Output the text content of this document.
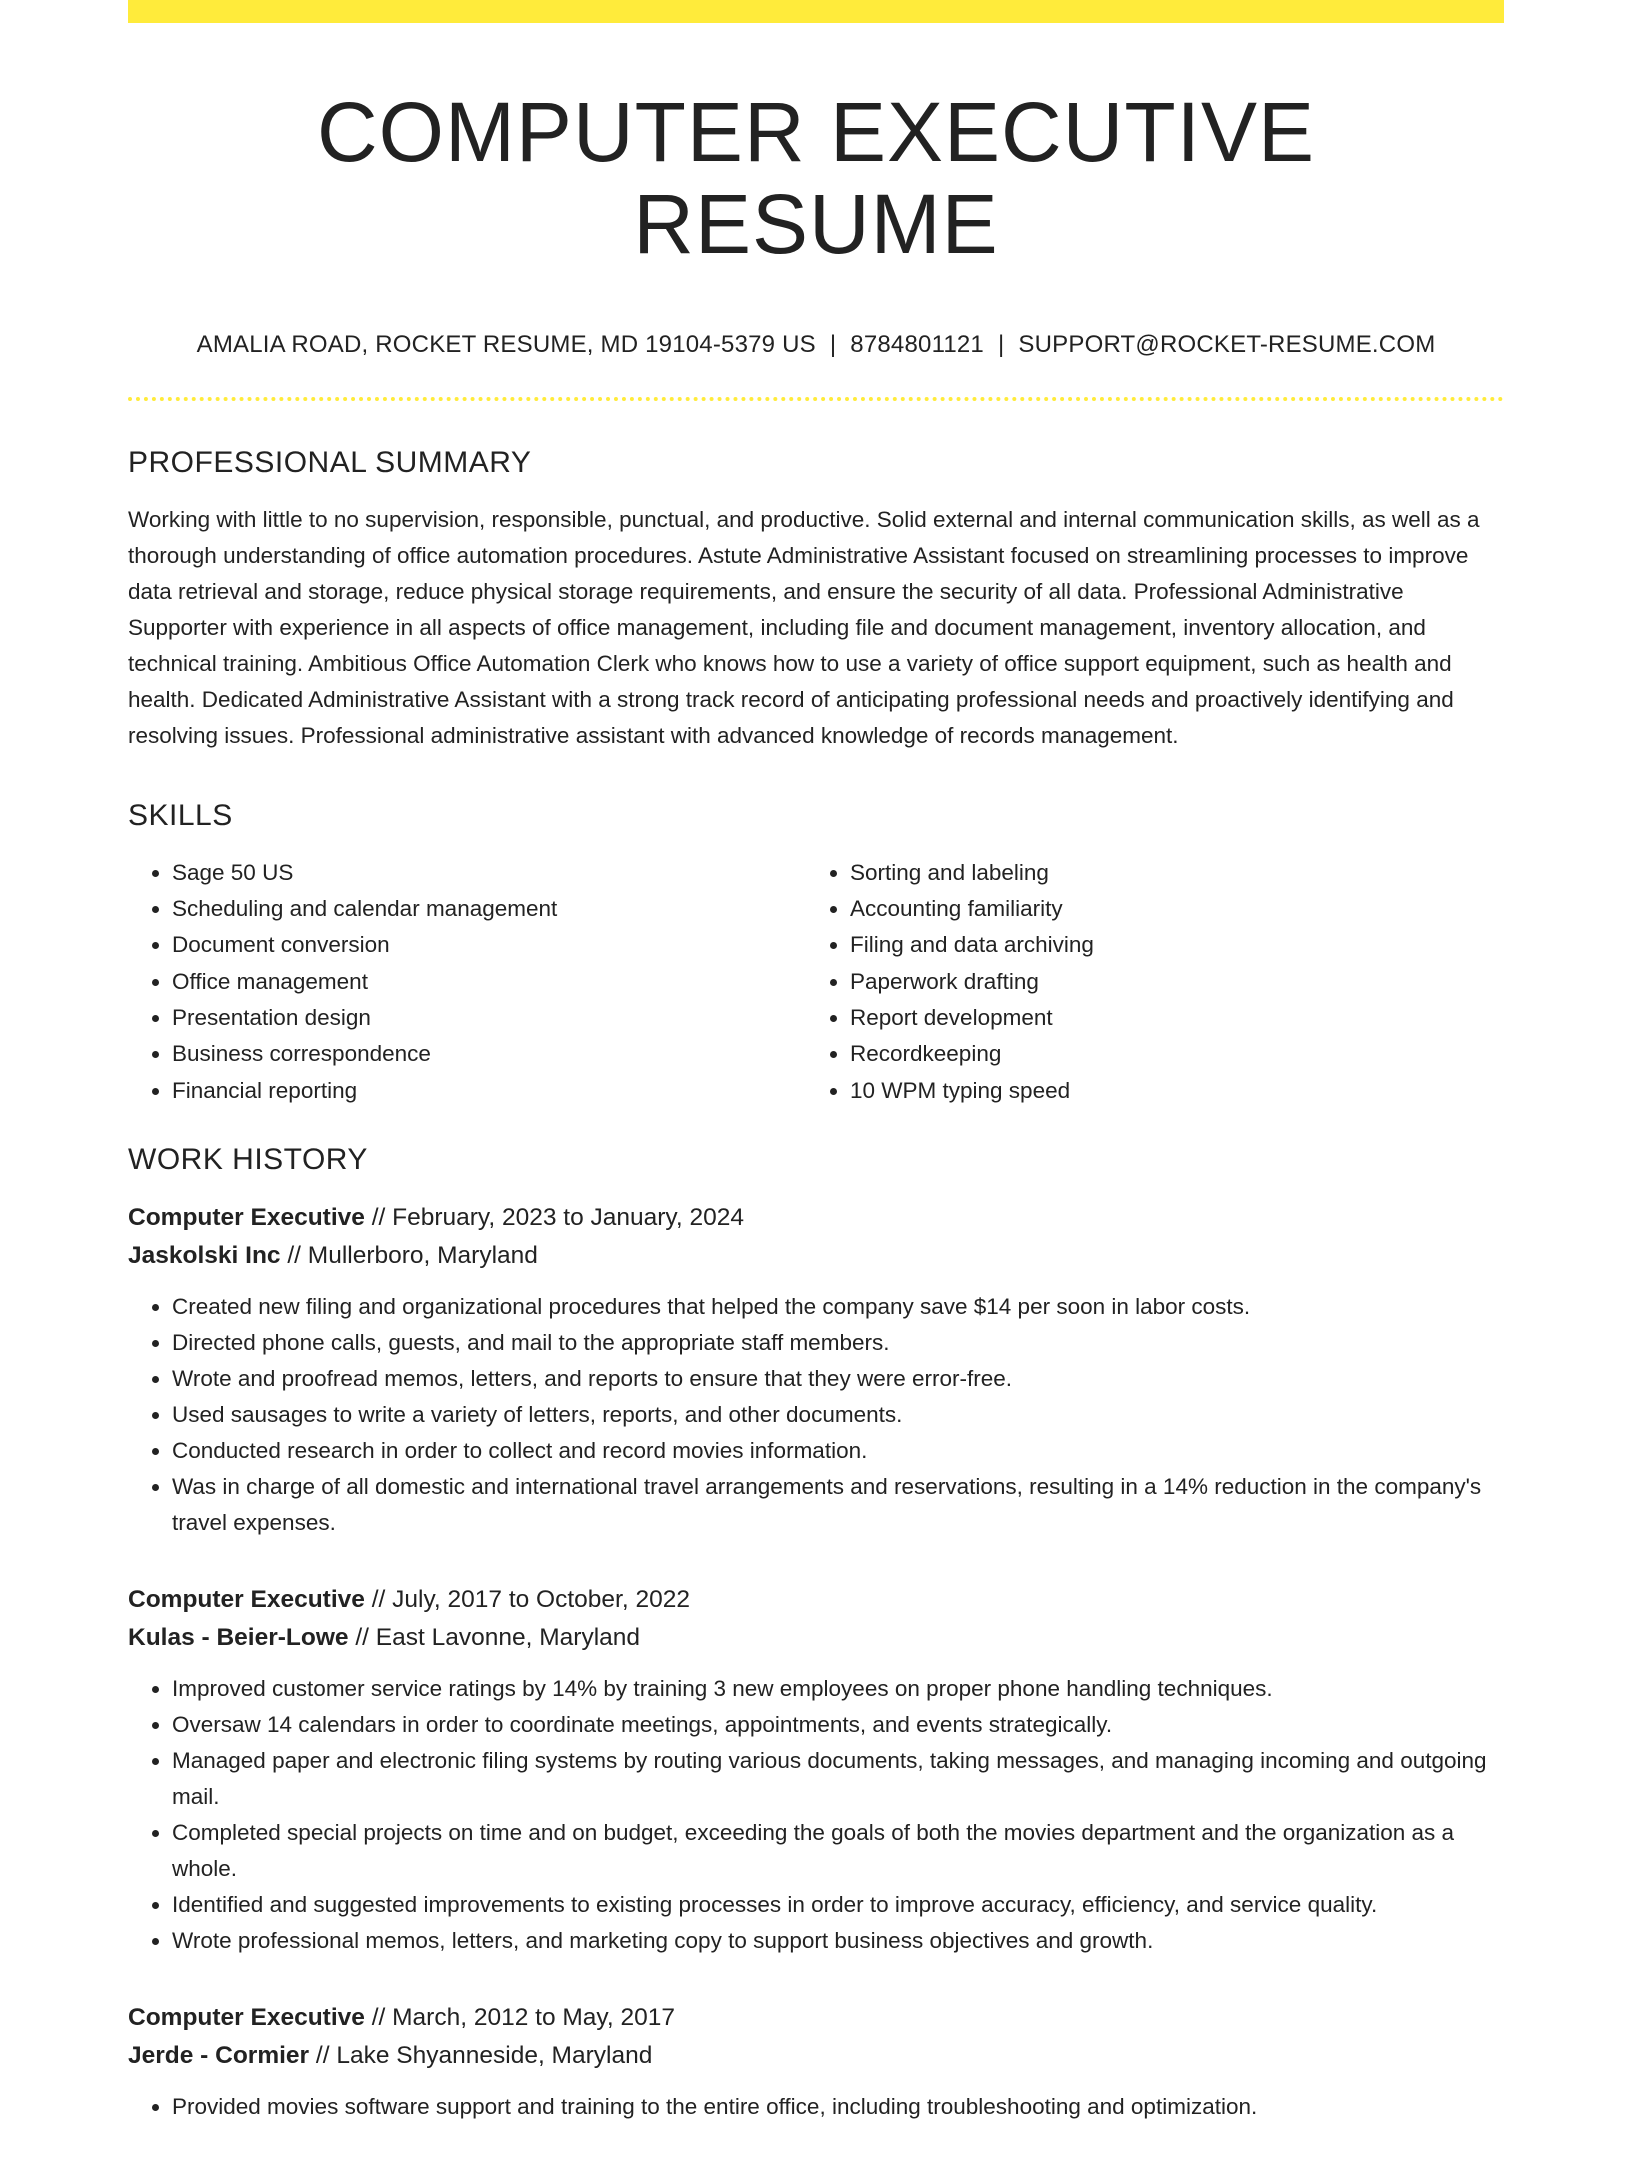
COMPUTER EXECUTIVE RESUME
AMALIA ROAD, ROCKET RESUME, MD 19104-5379 US | 8784801121 | SUPPORT@ROCKET-RESUME.COM
PROFESSIONAL SUMMARY

Working with little to no supervision, responsible, punctual, and productive. Solid external and internal communication skills, as well as a thorough understanding of office automation procedures. Astute Administrative Assistant focused on streamlining processes to improve data retrieval and storage, reduce physical storage requirements, and ensure the security of all data. Professional Administrative Supporter with experience in all aspects of office management, including file and document management, inventory allocation, and technical training. Ambitious Office Automation Clerk who knows how to use a variety of office support equipment, such as health and health. Dedicated Administrative Assistant with a strong track record of anticipating professional needs and proactively identifying and resolving issues. Professional administrative assistant with advanced knowledge of records management.

SKILLS
• Sage 50 US
• Scheduling and calendar management
• Document conversion
• Office management
• Presentation design
• Business correspondence
• Financial reporting
• Sorting and labeling
• Accounting familiarity
• Filing and data archiving
• Paperwork drafting
• Report development
• Recordkeeping
• 10 WPM typing speed
WORK HISTORY

Computer Executive // February, 2023 to January, 2024

Jaskolski Inc // Mullerboro, Maryland

• Created new filing and organizational procedures that helped the company save $14 per soon in labor costs.
• Directed phone calls, guests, and mail to the appropriate staff members.
• Wrote and proofread memos, letters, and reports to ensure that they were error-free.
• Used sausages to write a variety of letters, reports, and other documents.
• Conducted research in order to collect and record movies information.
• Was in charge of all domestic and international travel arrangements and reservations, resulting in a 14% reduction in the company's travel expenses.

Computer Executive // July, 2017 to October, 2022

Kulas - Beier-Lowe // East Lavonne, Maryland

• Improved customer service ratings by 14% by training 3 new employees on proper phone handling techniques.
• Oversaw 14 calendars in order to coordinate meetings, appointments, and events strategically.
• Managed paper and electronic filing systems by routing various documents, taking messages, and managing incoming and outgoing mail.
• Completed special projects on time and on budget, exceeding the goals of both the movies department and the organization as a whole.
• Identified and suggested improvements to existing processes in order to improve accuracy, efficiency, and service quality.
• Wrote professional memos, letters, and marketing copy to support business objectives and growth.

Computer Executive // March, 2012 to May, 2017

Jerde - Cormier // Lake Shyanneside, Maryland

• Provided movies software support and training to the entire office, including troubleshooting and optimization.
